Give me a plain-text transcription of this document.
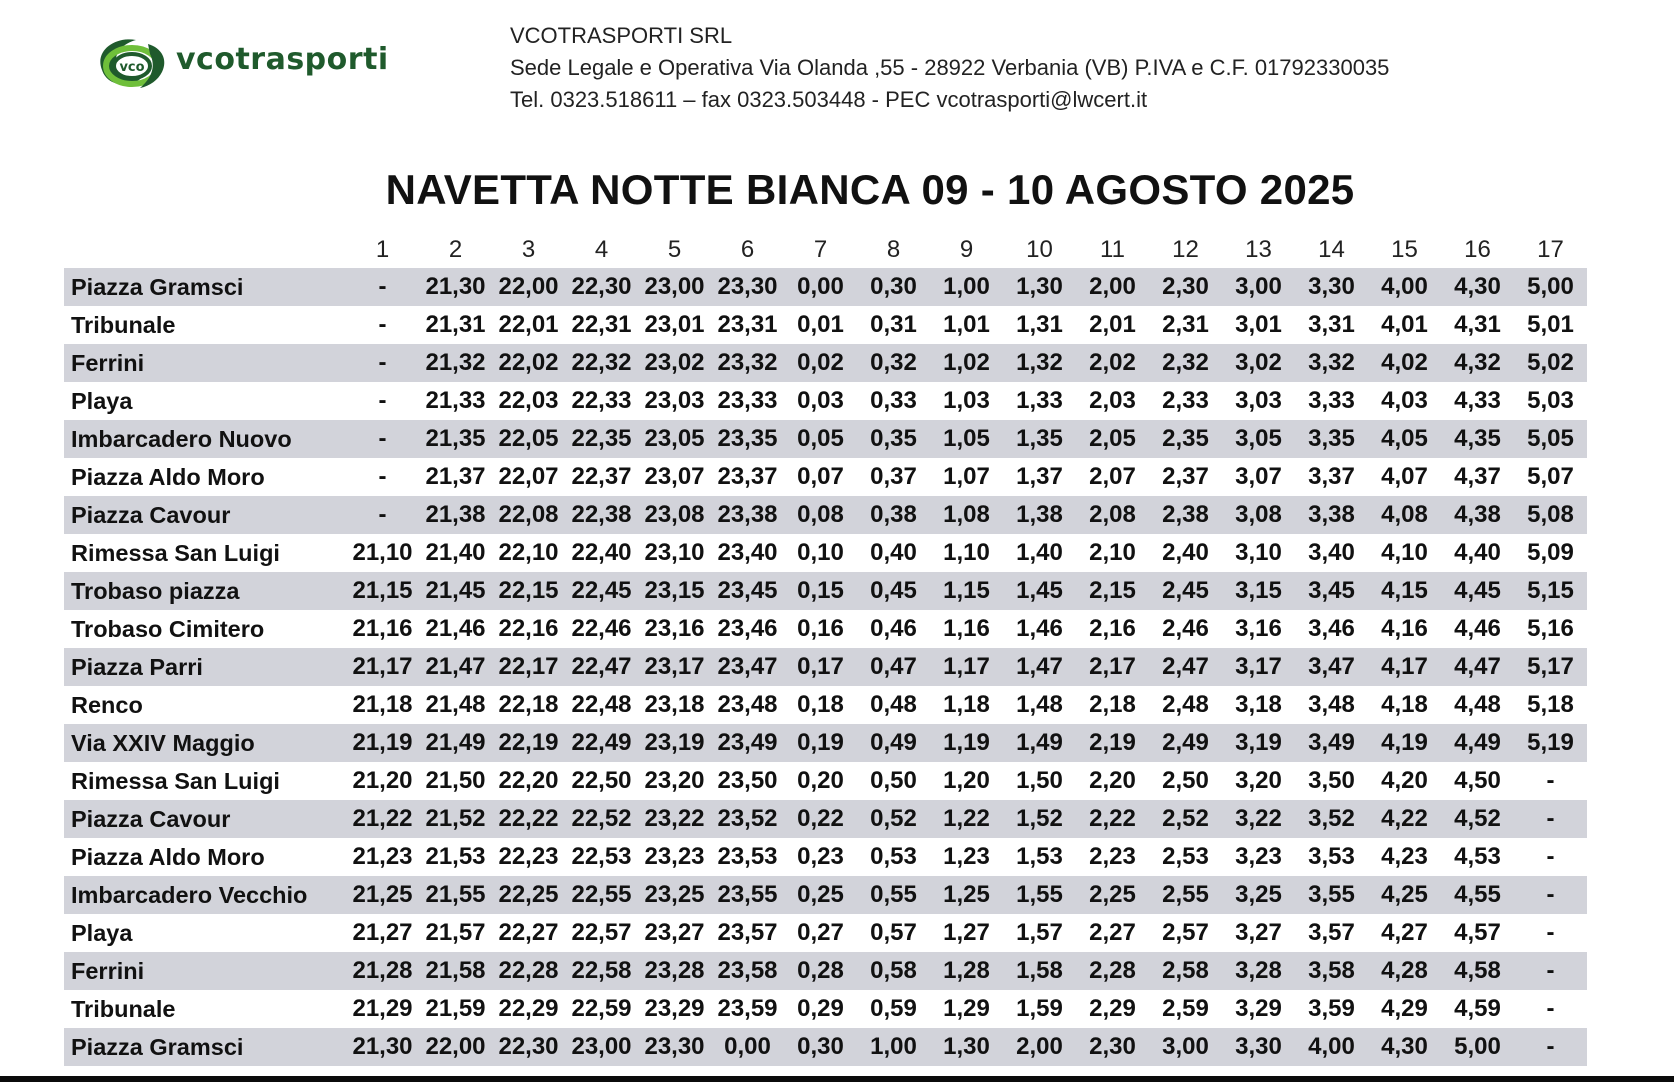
vco vcotrasporti
VCOTRASPORTI SRL
Sede Legale e Operativa Via Olanda ,55 - 28922 Verbania (VB) P.IVA e C.F. 01792330035
Tel. 0323.518611 – fax 0323.503448 - PEC vcotrasporti@lwcert.it
NAVETTA NOTTE BIANCA 09 - 10 AGOSTO 2025
	1	2	3	4	5	6	7	8	9	10	11	12	13	14	15	16	17
Piazza Gramsci	-	21,30	22,00	22,30	23,00	23,30	0,00	0,30	1,00	1,30	2,00	2,30	3,00	3,30	4,00	4,30	5,00
Tribunale	-	21,31	22,01	22,31	23,01	23,31	0,01	0,31	1,01	1,31	2,01	2,31	3,01	3,31	4,01	4,31	5,01
Ferrini	-	21,32	22,02	22,32	23,02	23,32	0,02	0,32	1,02	1,32	2,02	2,32	3,02	3,32	4,02	4,32	5,02
Playa	-	21,33	22,03	22,33	23,03	23,33	0,03	0,33	1,03	1,33	2,03	2,33	3,03	3,33	4,03	4,33	5,03
Imbarcadero Nuovo	-	21,35	22,05	22,35	23,05	23,35	0,05	0,35	1,05	1,35	2,05	2,35	3,05	3,35	4,05	4,35	5,05
Piazza Aldo Moro	-	21,37	22,07	22,37	23,07	23,37	0,07	0,37	1,07	1,37	2,07	2,37	3,07	3,37	4,07	4,37	5,07
Piazza Cavour	-	21,38	22,08	22,38	23,08	23,38	0,08	0,38	1,08	1,38	2,08	2,38	3,08	3,38	4,08	4,38	5,08
Rimessa San Luigi	21,10	21,40	22,10	22,40	23,10	23,40	0,10	0,40	1,10	1,40	2,10	2,40	3,10	3,40	4,10	4,40	5,09
Trobaso piazza	21,15	21,45	22,15	22,45	23,15	23,45	0,15	0,45	1,15	1,45	2,15	2,45	3,15	3,45	4,15	4,45	5,15
Trobaso Cimitero	21,16	21,46	22,16	22,46	23,16	23,46	0,16	0,46	1,16	1,46	2,16	2,46	3,16	3,46	4,16	4,46	5,16
Piazza Parri	21,17	21,47	22,17	22,47	23,17	23,47	0,17	0,47	1,17	1,47	2,17	2,47	3,17	3,47	4,17	4,47	5,17
Renco	21,18	21,48	22,18	22,48	23,18	23,48	0,18	0,48	1,18	1,48	2,18	2,48	3,18	3,48	4,18	4,48	5,18
Via XXIV Maggio	21,19	21,49	22,19	22,49	23,19	23,49	0,19	0,49	1,19	1,49	2,19	2,49	3,19	3,49	4,19	4,49	5,19
Rimessa San Luigi	21,20	21,50	22,20	22,50	23,20	23,50	0,20	0,50	1,20	1,50	2,20	2,50	3,20	3,50	4,20	4,50	-
Piazza Cavour	21,22	21,52	22,22	22,52	23,22	23,52	0,22	0,52	1,22	1,52	2,22	2,52	3,22	3,52	4,22	4,52	-
Piazza Aldo Moro	21,23	21,53	22,23	22,53	23,23	23,53	0,23	0,53	1,23	1,53	2,23	2,53	3,23	3,53	4,23	4,53	-
Imbarcadero Vecchio	21,25	21,55	22,25	22,55	23,25	23,55	0,25	0,55	1,25	1,55	2,25	2,55	3,25	3,55	4,25	4,55	-
Playa	21,27	21,57	22,27	22,57	23,27	23,57	0,27	0,57	1,27	1,57	2,27	2,57	3,27	3,57	4,27	4,57	-
Ferrini	21,28	21,58	22,28	22,58	23,28	23,58	0,28	0,58	1,28	1,58	2,28	2,58	3,28	3,58	4,28	4,58	-
Tribunale	21,29	21,59	22,29	22,59	23,29	23,59	0,29	0,59	1,29	1,59	2,29	2,59	3,29	3,59	4,29	4,59	-
Piazza Gramsci	21,30	22,00	22,30	23,00	23,30	0,00	0,30	1,00	1,30	2,00	2,30	3,00	3,30	4,00	4,30	5,00	-
